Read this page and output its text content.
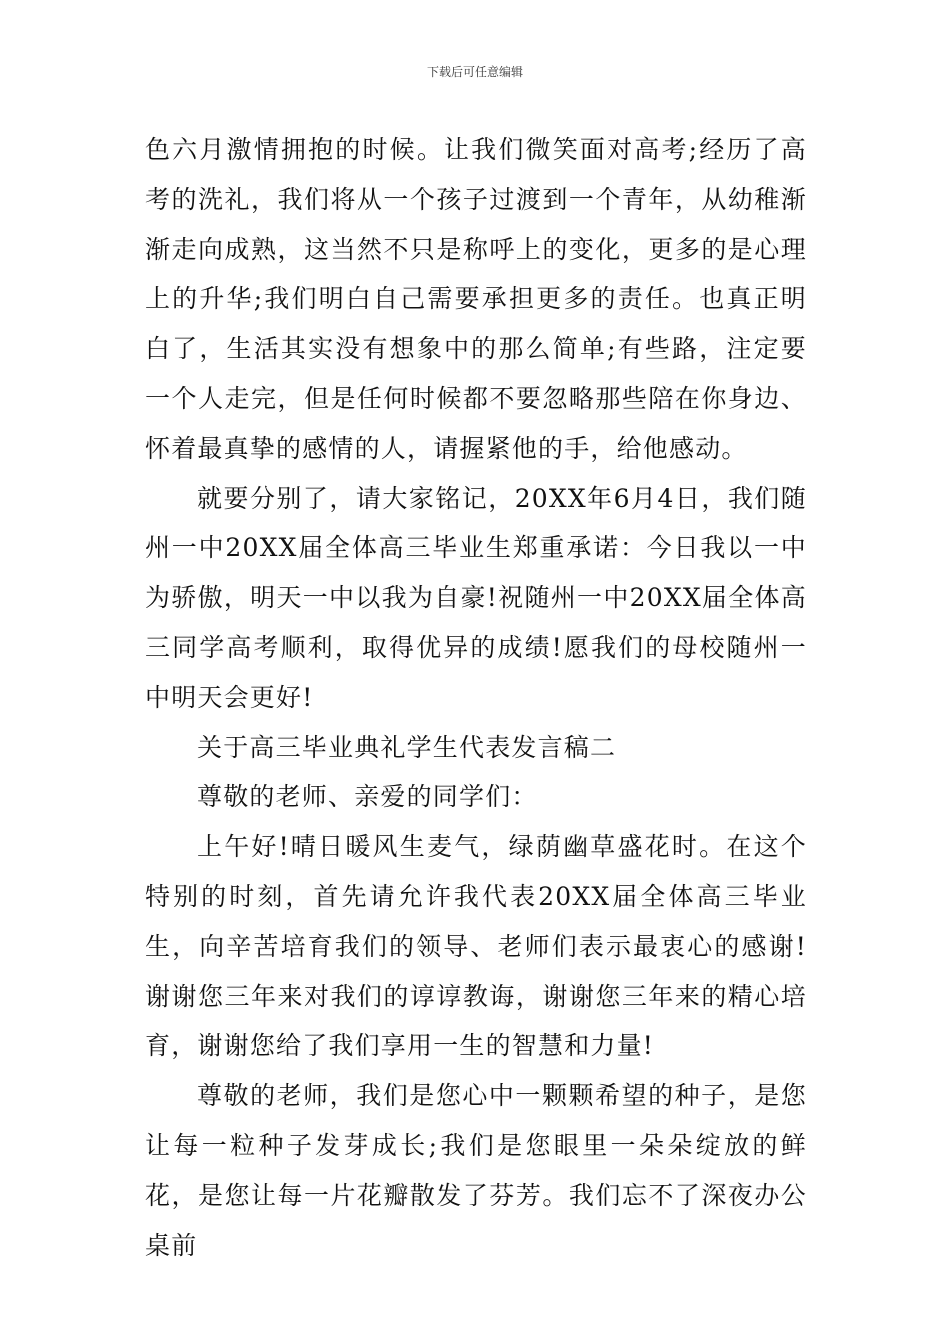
下载后可任意编辑

色六月激情拥抱的时候。让我们微笑面对高考;经历了高考的洗礼，我们将从一个孩子过渡到一个青年，从幼稚渐渐走向成熟，这当然不只是称呼上的变化，更多的是心理上的升华;我们明白自己需要承担更多的责任。也真正明白了，生活其实没有想象中的那么简单;有些路，注定要一个人走完，但是任何时候都不要忽略那些陪在你身边、怀着最真挚的感情的人，请握紧他的手，给他感动。

就要分别了，请大家铭记，20XX年6月4日，我们随州一中20XX届全体高三毕业生郑重承诺：今日我以一中为骄傲，明天一中以我为自豪!祝随州一中20XX届全体高三同学高考顺利，取得优异的成绩!愿我们的母校随州一中明天会更好!

关于高三毕业典礼学生代表发言稿二

尊敬的老师、亲爱的同学们：

上午好!晴日暖风生麦气，绿荫幽草盛花时。在这个特别的时刻，首先请允许我代表20XX届全体高三毕业生，向辛苦培育我们的领导、老师们表示最衷心的感谢!谢谢您三年来对我们的谆谆教诲，谢谢您三年来的精心培育，谢谢您给了我们享用一生的智慧和力量!

尊敬的老师，我们是您心中一颗颗希望的种子，是您让每一粒种子发芽成长;我们是您眼里一朵朵绽放的鲜花，是您让每一片花瓣散发了芬芳。我们忘不了深夜办公桌前
